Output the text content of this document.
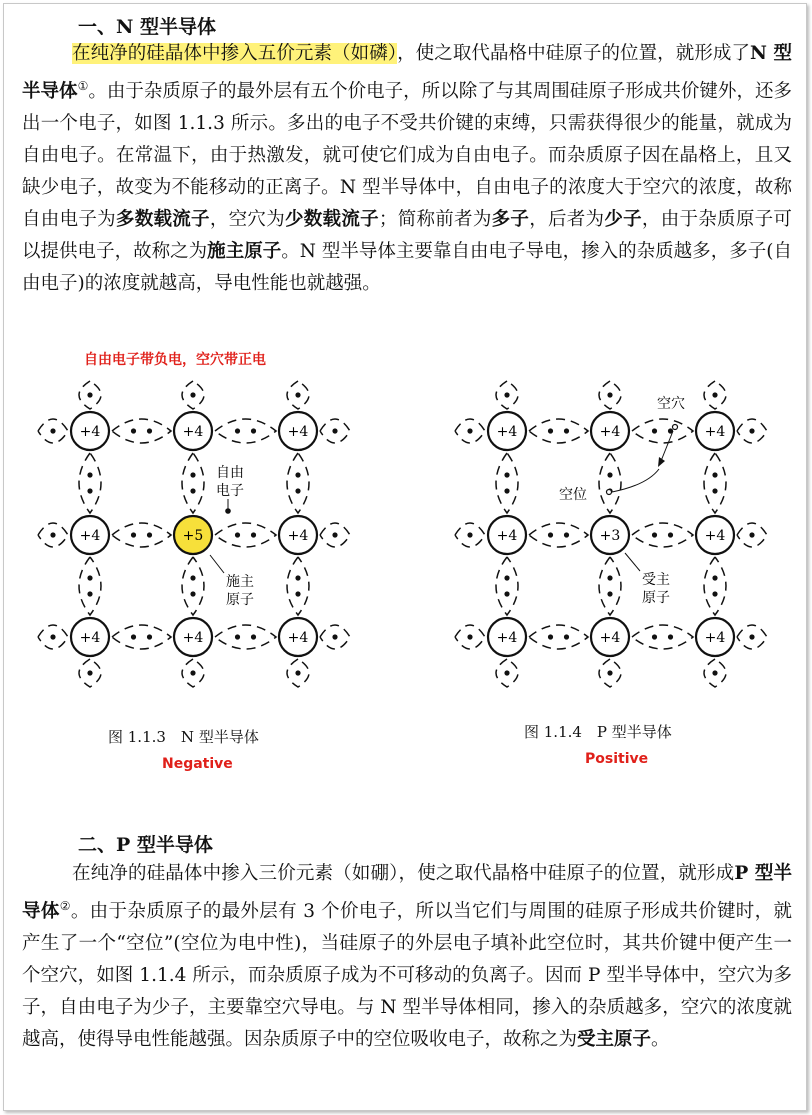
一、N 型半导体

在纯净的硅晶体中掺入五价元素（如磷），使之取代晶格中硅原子的位置，就形成了N 型半导体①。由于杂质原子的最外层有五个价电子，所以除了与其周围硅原子形成共价键外，还多出一个电子，如图 1.1.3 所示。多出的电子不受共价键的束缚，只需获得很少的能量，就成为自由电子。在常温下，由于热激发，就可使它们成为自由电子。而杂质原子因在晶格上，且又缺少电子，故变为不能移动的正离子。N 型半导体中，自由电子的浓度大于空穴的浓度，故称自由电子为多数载流子，空穴为少数载流子；简称前者为多子，后者为少子，由于杂质原子可以提供电子，故称之为施主原子。N 型半导体主要靠自由电子导电，掺入的杂质越多，多子(自由电子)的浓度就越高，导电性能也就越强。

自由电子带负电，空穴带正电
+4	+4	+4
+4	+5	+4
+4	+4	+4
自由
电子
施主
原子
+4	+4	+4
+4	+3	+4
+4	+4	+4
空穴
空位
受主
原子
图 1.1.3　N 型半导体
Negative
图 1.1.4　P 型半导体
Positive
二、P 型半导体

在纯净的硅晶体中掺入三价元素（如硼），使之取代晶格中硅原子的位置，就形成P 型半导体②。由于杂质原子的最外层有 3 个价电子，所以当它们与周围的硅原子形成共价键时，就产生了一个“空位”(空位为电中性)，当硅原子的外层电子填补此空位时，其共价键中便产生一个空穴，如图 1.1.4 所示，而杂质原子成为不可移动的负离子。因而 P 型半导体中，空穴为多子，自由电子为少子，主要靠空穴导电。与 N 型半导体相同，掺入的杂质越多，空穴的浓度就越高，使得导电性能越强。因杂质原子中的空位吸收电子，故称之为受主原子。
